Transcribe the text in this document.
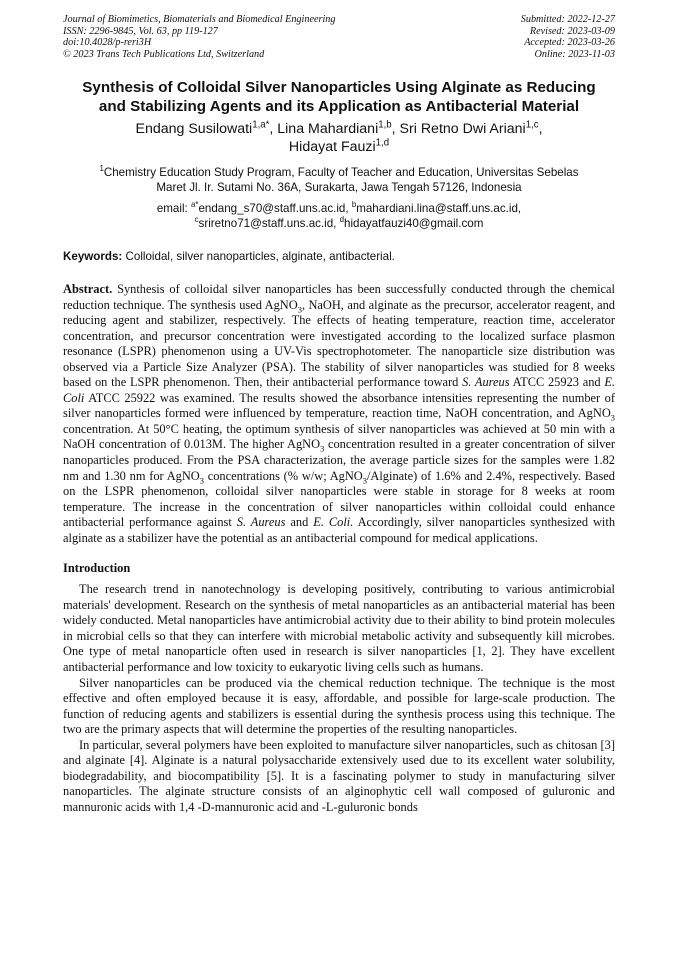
Journal of Biomimetics, Biomaterials and Biomedical Engineering
ISSN: 2296-9845, Vol. 63, pp 119-127
doi:10.4028/p-reri3H
© 2023 Trans Tech Publications Ltd, Switzerland
Submitted: 2022-12-27
Revised: 2023-03-09
Accepted: 2023-03-26
Online: 2023-11-03
Synthesis of Colloidal Silver Nanoparticles Using Alginate as Reducing
and Stabilizing Agents and its Application as Antibacterial Material
Endang Susilowati$^{1,a*}$, Lina Mahardiani$^{1,b}$, Sri Retno Dwi Ariani$^{1,c}$,
Hidayat Fauzi$^{1,d}$
$^1$Chemistry Education Study Program, Faculty of Teacher and Education, Universitas Sebelas
Maret Jl. Ir. Sutami No. 36A, Surakarta, Jawa Tengah 57126, Indonesia
email: $^{a*}$endang_s70@staff.uns.ac.id, $^b$mahardiani.lina@staff.uns.ac.id,
$^c$sriretno71@staff.uns.ac.id, $^d$hidayatfauzi40@gmail.com
Keywords: Colloidal, silver nanoparticles, alginate, antibacterial.
Abstract. Synthesis of colloidal silver nanoparticles has been successfully conducted through the chemical reduction technique. The synthesis used AgNO$_3$, NaOH, and alginate as the precursor, accelerator reagent, and reducing agent and stabilizer, respectively. The effects of heating temperature, reaction time, accelerator concentration, and precursor concentration were investigated according to the localized surface plasmon resonance (LSPR) phenomenon using a UV-Vis spectrophotometer. The nanoparticle size distribution was observed via a Particle Size Analyzer (PSA). The stability of silver nanoparticles was studied for 8 weeks based on the LSPR phenomenon. Then, their antibacterial performance toward S. Aureus ATCC 25923 and E. Coli ATCC 25922 was examined. The results showed the absorbance intensities representing the number of silver nanoparticles formed were influenced by temperature, reaction time, NaOH concentration, and AgNO$_3$ concentration. At 50°C heating, the optimum synthesis of silver nanoparticles was achieved at 50 min with a NaOH concentration of 0.013M. The higher AgNO$_3$ concentration resulted in a greater concentration of silver nanoparticles produced. From the PSA characterization, the average particle sizes for the samples were 1.82 nm and 1.30 nm for AgNO$_3$ concentrations (% w/w; AgNO$_3$/Alginate) of 1.6% and 2.4%, respectively. Based on the LSPR phenomenon, colloidal silver nanoparticles were stable in storage for 8 weeks at room temperature. The increase in the concentration of silver nanoparticles within colloidal could enhance antibacterial performance against S. Aureus and E. Coli. Accordingly, silver nanoparticles synthesized with alginate as a stabilizer have the potential as an antibacterial compound for medical applications.
Introduction
The research trend in nanotechnology is developing positively, contributing to various antimicrobial materials' development. Research on the synthesis of metal nanoparticles as an antibacterial material has been widely conducted. Metal nanoparticles have antimicrobial activity due to their ability to bind protein molecules in microbial cells so that they can interfere with microbial metabolic activity and subsequently kill microbes. One type of metal nanoparticle often used in research is silver nanoparticles [1, 2]. They have excellent antibacterial performance and low toxicity to eukaryotic living cells such as humans.
Silver nanoparticles can be produced via the chemical reduction technique. The technique is the most effective and often employed because it is easy, affordable, and possible for large-scale production. The function of reducing agents and stabilizers is essential during the synthesis process using this technique. The two are the primary aspects that will determine the properties of the resulting nanoparticles.
In particular, several polymers have been exploited to manufacture silver nanoparticles, such as chitosan [3] and alginate [4]. Alginate is a natural polysaccharide extensively used due to its excellent water solubility, biodegradability, and biocompatibility [5]. It is a fascinating polymer to study in manufacturing silver nanoparticles. The alginate structure consists of an alginophytic cell wall composed of guluronic and mannuronic acids with 1,4 -D-mannuronic acid and -L-guluronic bonds
